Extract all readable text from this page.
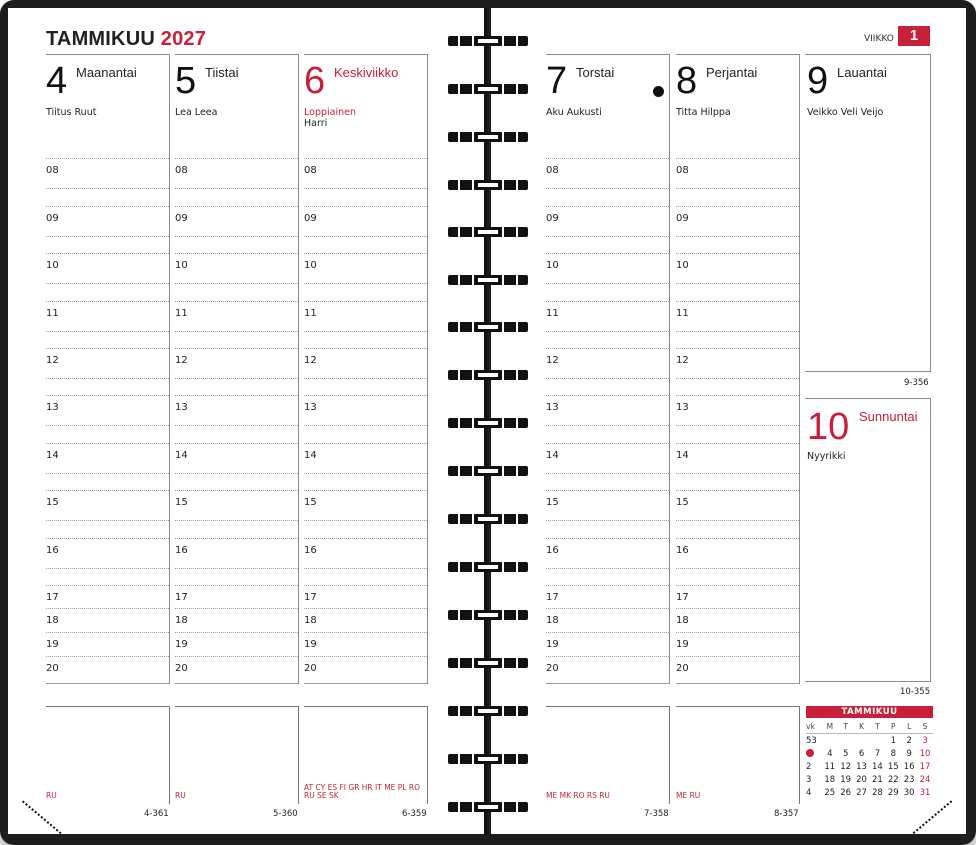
TAMMIKUU 2027	VIIKKO	1
4 Maanantai
Tiitus Ruut
08
09
10
11
12
13
14
15
16
17
18
19
20
RU
4-361
5 Tiistai
Lea Leea
08
09
10
11
12
13
14
15
16
17
18
19
20
RU
5-360
6 Keskiviikko
Loppiainen
Harri
08
09
10
11
12
13
14
15
16
17
18
19
20
AT CY ES FI GR HR IT ME PL RO RU SE SK
6-359
7 Torstai
Aku Aukusti
08
09
10
11
12
13
14
15
16
17
18
19
20
ME MK RO RS RU
7-358
8 Perjantai
Titta Hilppa
08
09
10
11
12
13
14
15
16
17
18
19
20
ME RU
8-357
9 Lauantai
Veikko Veli Veijo
9-356
10 Sunnuntai
Nyyrikki
10-355
TAMMIKUU
vk	M	T	K	T	P	L	S
53					1	2	3
	4	5	6	7	8	9	10
2	11	12	13	14	15	16	17
3	18	19	20	21	22	23	24
4	25	26	27	28	29	30	31
